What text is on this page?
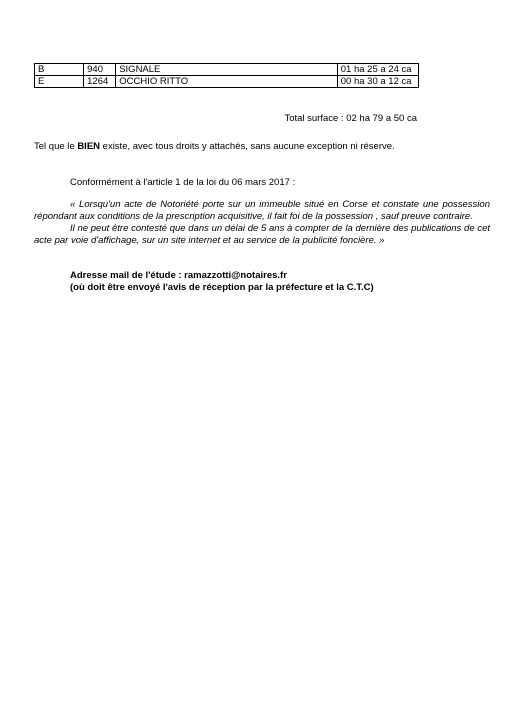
B	940	SIGNALE	01 ha 25 a 24 ca
E	1264	OCCHIO RITTO	00 ha 30 a 12 ca
Total surface : 02 ha 79 a 50 ca
Tel que le BIEN existe, avec tous droits y attachés, sans aucune exception ni réserve.
Conformément à l'article 1 de la loi du 06 mars 2017 :

« Lorsqu'un acte de Notoriété porte sur un immeuble situé en Corse et constate une possession répondant aux conditions de la prescription acquisitive, il fait foi de la possession , sauf preuve contraire.

Il ne peut être contesté que dans un délai de 5 ans à compter de la dernière des publications de cet acte par voie d'affichage, sur un site internet et au service de la publicité foncière. »

Adresse mail de l'étude : ramazzotti@notaires.fr
(où doit être envoyé l'avis de réception par la préfecture et la C.T.C)
